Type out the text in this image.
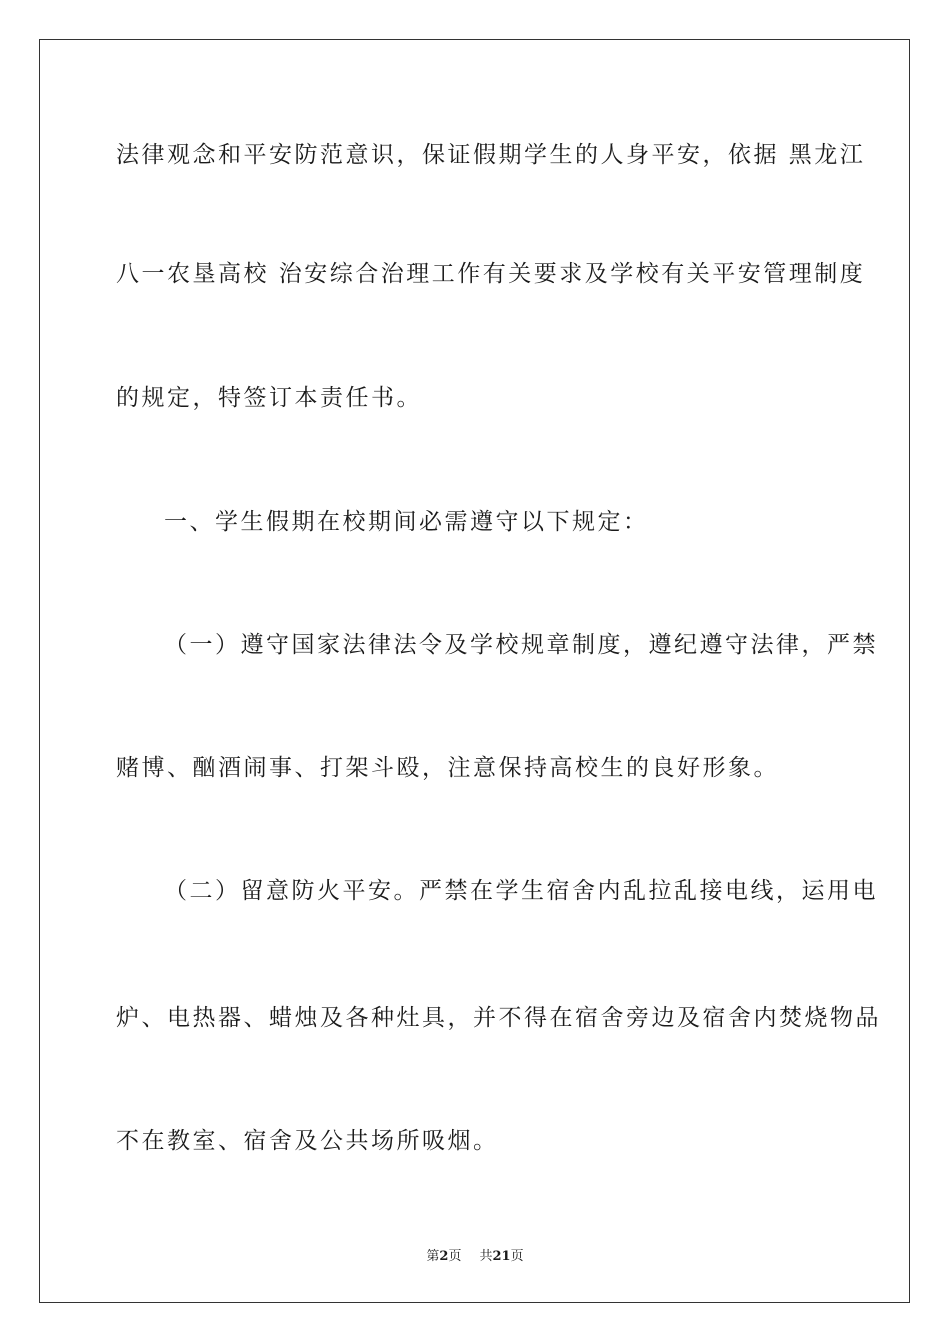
法律观念和平安防范意识，保证假期学生的人身平安，依据 黑龙江

八一农垦高校 治安综合治理工作有关要求及学校有关平安管理制度

的规定，特签订本责任书。

一、学生假期在校期间必需遵守以下规定：

（一）遵守国家法律法令及学校规章制度，遵纪遵守法律，严禁

赌博、酗酒闹事、打架斗殴，注意保持高校生的良好形象。

（二）留意防火平安。严禁在学生宿舍内乱拉乱接电线，运用电

炉、电热器、蜡烛及各种灶具，并不得在宿舍旁边及宿舍内焚烧物品

不在教室、宿舍及公共场所吸烟。

第2页 共21页
